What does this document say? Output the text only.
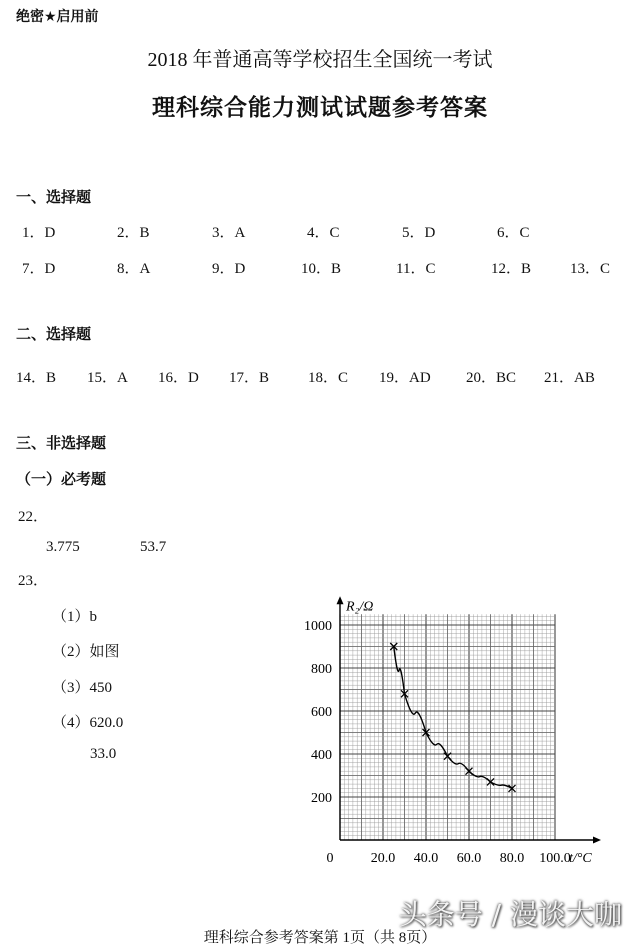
绝密★启用前
2018 年普通高等学校招生全国统一考试
理科综合能力测试试题参考答案
一、选择题
1．D	2．B	3．A	4．C	5．D	6．C
7．D	8．A	9．D	10．B	11．C	12．B	13．C
二、选择题
14．B 15．A 16．D 17．B	18．C 19．AD 20．BC 21．AB
三、非选择题
（一）必考题
22．
3.775	53.7
23．
（1）b
（2）如图
（3）450
（4）620.0
33.0
0	20.0 40.0 60.0 80.0 100.0
200
400
600
800
1000
R₂/Ω
t/°C
头条号 / 漫谈大咖
理科综合参考答案第 1页（共 8页）
